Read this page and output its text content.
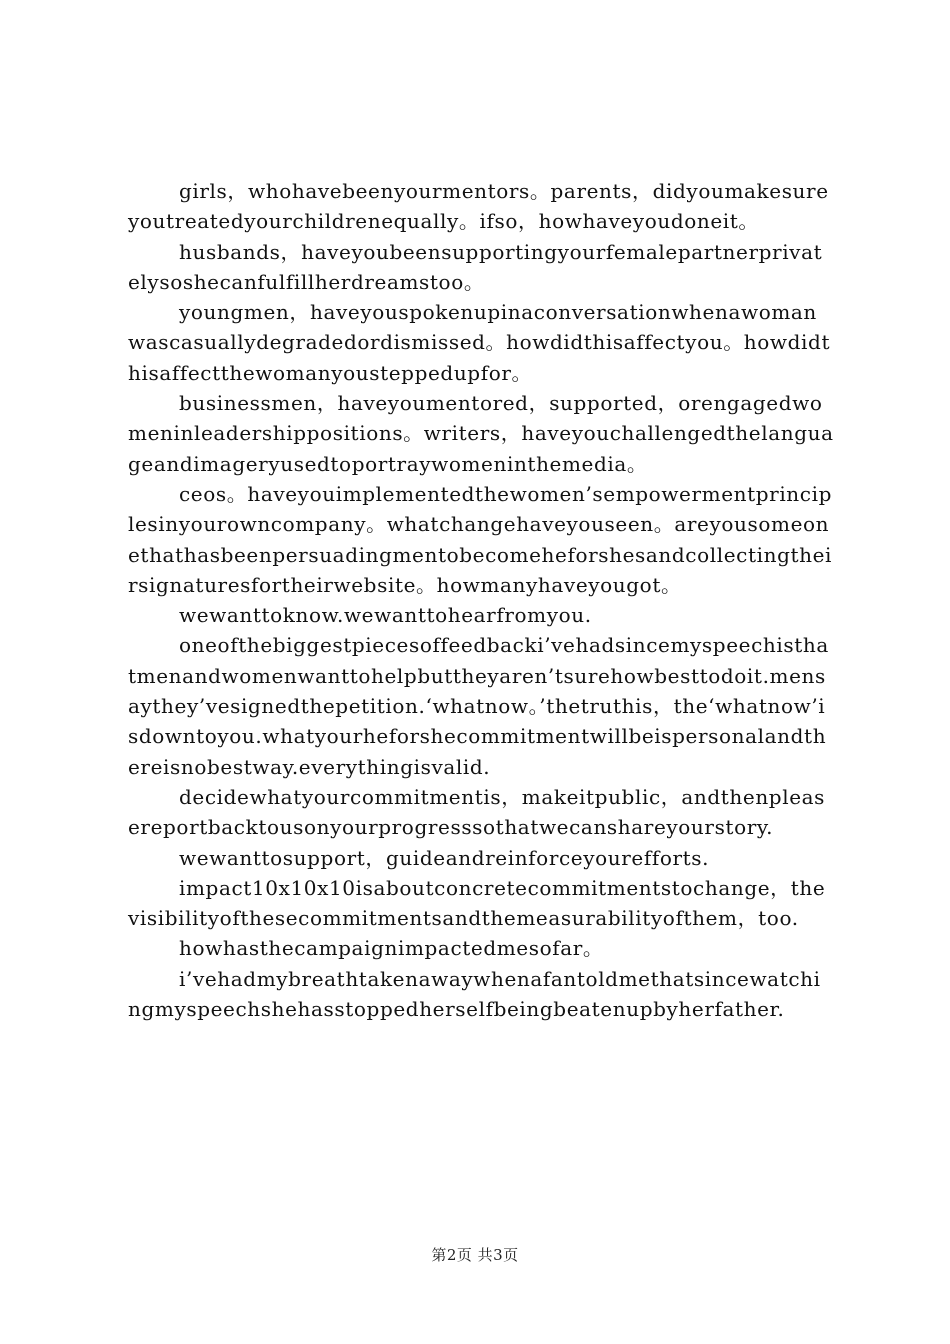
girls，whohavebeenyourmentors。parents，didyoumakesureyoutreatedyourchildrenequally。ifso，howhaveyoudoneit。

husbands，haveyoubeensupportingyourfemalepartnerprivatelysoshecanfulfillherdreamstoo。

youngmen，haveyouspokenupinaconversationwhenawomanwascasuallydegradedordismissed。howdidthisaffectyou。howdidthisaffectthewomanyousteppedupfor。

businessmen，haveyoumentored，supported，orengagedwomeninleadershippositions。writers，haveyouchallengedthelanguageandimageryusedtoportraywomeninthemedia。

ceos。haveyouimplementedthewomen’sempowermentprinciplesinyourowncompany。whatchangehaveyouseen。areyousomeonethathasbeenpersuadingmentobecomeheforshesandcollectingtheirsignaturesfortheirwebsite。howmanyhaveyougot。

wewanttoknow.wewanttohearfromyou.

oneofthebiggestpiecesoffeedbacki’vehadsincemyspeechisthatmenandwomenwanttohelpbuttheyaren’tsurehowbesttodoit.mensaythey’vesignedthepetition.‘whatnow。’thetruthis，the‘whatnow’isdowntoyou.whatyourheforshecommitmentwillbeispersonalandthereisnobestway.everythingisvalid.

decidewhatyourcommitmentis，makeitpublic，andthenpleasereportbacktousonyourprogresssothatwecanshareyourstory.

wewanttosupport，guideandreinforceyourefforts.

impact10x10x10isaboutconcretecommitmentstochange，thevisibilityofthesecommitmentsandthemeasurabilityofthem，too.

howhasthecampaignimpactedmesofar。

i’vehadmybreathtakenawaywhenafantoldmethatsincewatchingmyspeechshehasstoppedherselfbeingbeatenupbyherfather.

第2页 共3页
